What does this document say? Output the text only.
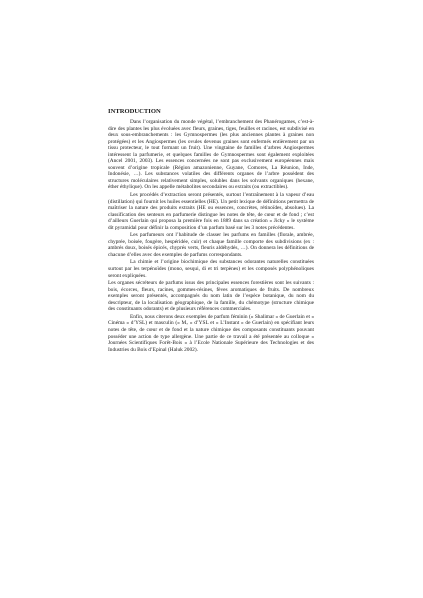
INTRODUCTION

Dans l’organisation du monde végétal, l’embranchement des Phanérogames, c’est-à-dire des plantes les plus évoluées avec fleurs, graines, tiges, feuilles et racines, est subdivisé en deux sous-embranchements : les Gymnospermes (les plus anciennes plantes à graines non protégées) et les Angiospermes (les ovules devenus graines sont enfermés entièrement par un tissu protecteur, le tout formant un fruit). Une vingtaine de familles d’arbres Angiospermes intéressent la parfumerie, et quelques familles de Gymnospermes sont également exploitées (Ancel 2001, 2003). Les essences concernées ne sont pas exclusivement européennes mais souvent d’origine tropicale (Région amazonienne, Guyane, Comores, La Réunion, Inde, Indonésie, …). Les substances volatiles des différents organes de l’arbre possèdent des structures moléculaires relativement simples, solubles dans les solvants organiques (hexane, éther éthylique). On les appelle métabolites secondaires ou extraits (ou extractibles).

Les procédés d’extraction seront présentés, surtout l’entraînement à la vapeur d’eau (distillation) qui fournit les huiles essentielles (HE). Un petit lexique de définitions permettra de maîtriser la nature des produits extraits (HE ou essences, concrètes, rétinoïdes, absolues). La classification des senteurs en parfumerie distingue les notes de tête, de cœur et de fond ; c’est d’ailleurs Guerlain qui proposa la première fois en 1889 dans sa création « Jicky » le système dit pyramidal pour définir la composition d’un parfum basé sur les 3 notes précédentes.

Les parfumeurs ont l’habitude de classer les parfums en familles (florale, ambrée, chyprée, boisée, fougère, hespéridée, cuir) et chaque famille comporte des subdivisions (ex : ambrés doux, boisés épicés, chyprés verts, fleuris aldéhydés, …). On donnera les définitions de chacune d’elles avec des exemples de parfums correspondants.

La chimie et l’origine biochimique des substances odorantes naturelles constituées surtout par les terpénoïdes (mono, sesqui, di et tri terpènes) et les composés polyphénoliques seront expliquées.

Les organes sécréteurs de parfums issus des principales essences forestières sont les suivants : bois, écorces, fleurs, racines, gommes-résines, fèves aromatiques de fruits. De nombreux exemples seront présentés, accompagnés du nom latin de l’espèce botanique, du nom du descripteur, de la localisation géographique, de la famille, du chémotype (structure chimique des constituants odorants) et de plusieurs références commerciales.

Enfin, nous citerons deux exemples de parfum féminin (« Shalimar » de Guerlain et « Cinéma » d’YSL) et masculin (« M₇ » d’YSL et « L’Instant » de Guerlain) en spécifiant leurs notes de tête, de cœur et de fond et la nature chimique des composants constituants pouvant posséder une action de type allergène. Une partie de ce travail a été présentée au colloque « Journées Scientifiques Forêt-Bois » à l’Ecole Nationale Supérieure des Technologies et des Industries du Bois d’Epinal (Haluk 2002).
